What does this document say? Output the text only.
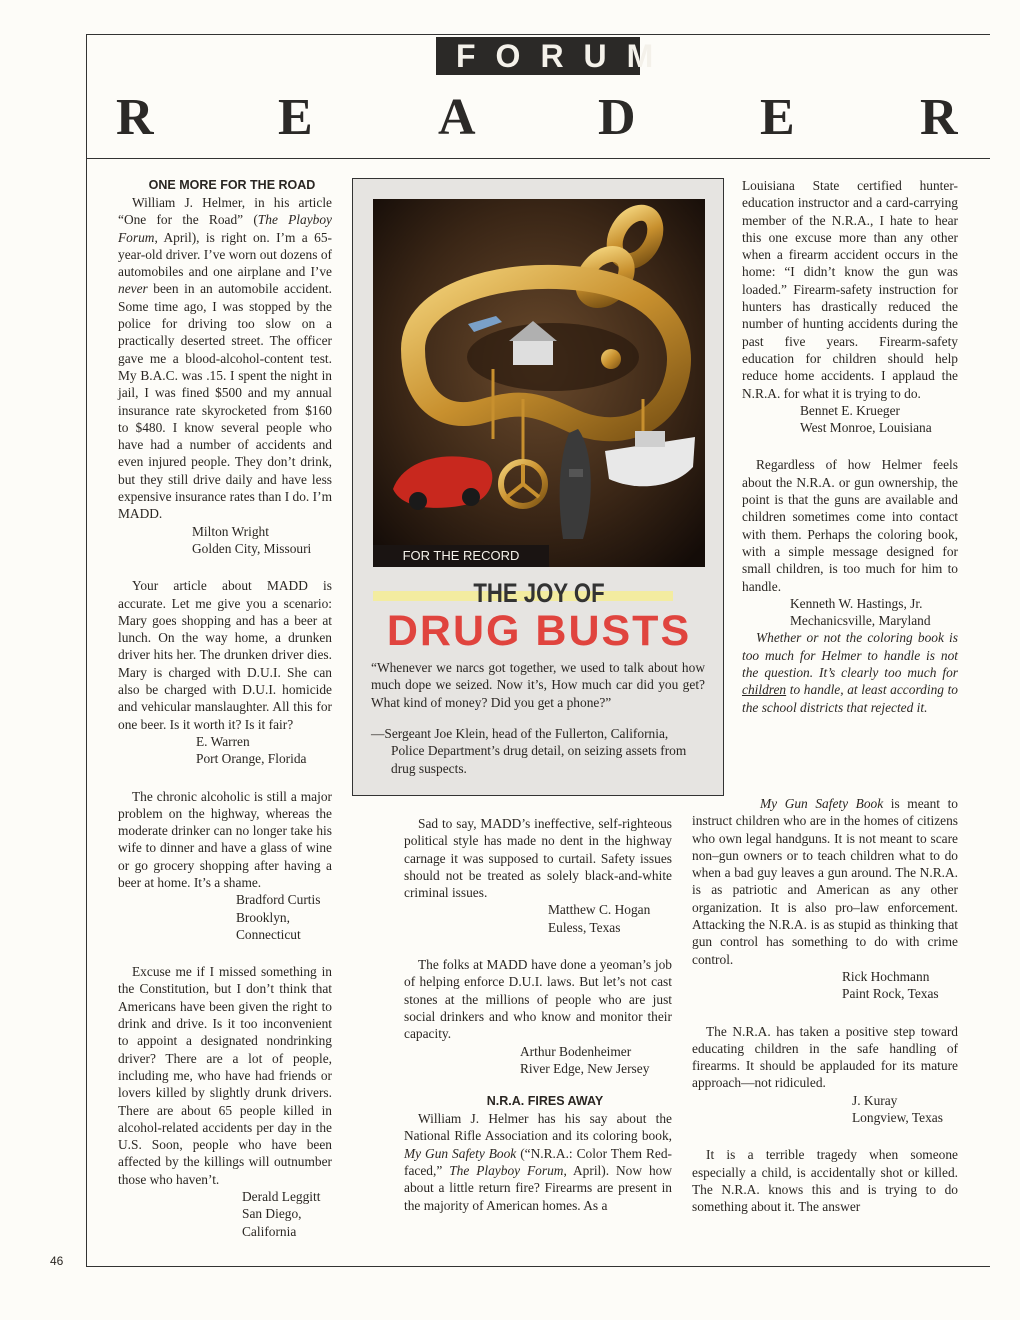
FORUM
R E A D E R

ONE MORE FOR THE ROAD

William J. Helmer, in his article “One for the Road” (The Playboy Forum, April), is right on. I’m a 65-year-old driver. I’ve worn out dozens of automobiles and one airplane and I’ve never been in an automobile accident. Some time ago, I was stopped by the police for driving too slow on a practically deserted street. The officer gave me a blood-alcohol-content test. My B.A.C. was .15. I spent the night in jail, I was fined $500 and my annual insurance rate skyrocketed from $160 to $480. I know several people who have had a number of accidents and even injured people. They don’t drink, but they still drive daily and have less expensive insurance rates than I do. I’m MADD.

Milton Wright
Golden City, Missouri

Your article about MADD is accurate. Let me give you a scenario: Mary goes shopping and has a beer at lunch. On the way home, a drunken driver hits her. The drunken driver dies. Mary is charged with D.U.I. She can also be charged with D.U.I. homicide and vehicular manslaughter. All this for one beer. Is it worth it? Is it fair?

E. Warren
Port Orange, Florida

The chronic alcoholic is still a major problem on the highway, whereas the moderate drinker can no longer take his wife to dinner and have a glass of wine or go grocery shopping after having a beer at home. It’s a shame.

Bradford Curtis
Brooklyn, Connecticut

Excuse me if I missed something in the Constitution, but I don’t think that Americans have been given the right to drink and drive. Is it too inconvenient to appoint a designated nondrinking driver? There are a lot of people, including me, who have had friends or lovers killed by slightly drunk drivers. There are about 65 people killed in alcohol-related accidents per day in the U.S. Soon, people who have been affected by the killings will outnumber those who haven’t.

Derald Leggitt
San Diego, California
FOR THE RECORD
THE JOY OF
DRUG BUSTS
“Whenever we narcs got together, we used to talk about how much dope we seized. Now it’s, How much car did you get? What kind of money? Did you get a phone?”
—Sergeant Joe Klein, head of the Fullerton, California, Police Department’s drug detail, on seizing assets from drug suspects.

Sad to say, MADD’s ineffective, self-righteous political style has made no dent in the highway carnage it was supposed to curtail. Safety issues should not be treated as solely black-and-white criminal issues.

Matthew C. Hogan
Euless, Texas

The folks at MADD have done a yeoman’s job of helping enforce D.U.I. laws. But let’s not cast stones at the millions of people who are just social drinkers and who know and monitor their capacity.

Arthur Bodenheimer
River Edge, New Jersey

N.R.A. FIRES AWAY

William J. Helmer has his say about the National Rifle Association and its coloring book, My Gun Safety Book (“N.R.A.: Color Them Red-faced,” The Playboy Forum, April). Now how about a little return fire? Firearms are present in the majority of American homes. As a

Louisiana State certified hunter-education instructor and a card-carrying member of the N.R.A., I hate to hear this one excuse more than any other when a firearm accident occurs in the home: “I didn’t know the gun was loaded.” Firearm-safety instruction for hunters has drastically reduced the number of hunting accidents during the past five years. Firearm-safety education for children should help reduce home accidents. I applaud the N.R.A. for what it is trying to do.

Bennet E. Krueger
West Monroe, Louisiana

Regardless of how Helmer feels about the N.R.A. or gun ownership, the point is that the guns are available and children sometimes come into contact with them. Perhaps the coloring book, with a simple message designed for small children, is too much for him to handle.

Kenneth W. Hastings, Jr.
Mechanicsville, Maryland

Whether or not the coloring book is too much for Helmer to handle is not the question. It’s clearly too much for children to handle, at least according to the school districts that rejected it.

My Gun Safety Book is meant to instruct children who are in the homes of citizens who own legal handguns. It is not meant to scare non–gun owners or to teach children what to do when a bad guy leaves a gun around. The N.R.A. is as patriotic and American as any other organization. It is also pro–law enforcement. Attacking the N.R.A. is as stupid as thinking that gun control has something to do with crime control.

Rick Hochmann
Paint Rock, Texas

The N.R.A. has taken a positive step toward educating children in the safe handling of firearms. It should be applauded for its mature approach—not ridiculed.

J. Kuray
Longview, Texas

It is a terrible tragedy when someone especially a child, is accidentally shot or killed. The N.R.A. knows this and is trying to do something about it. The answer

46
